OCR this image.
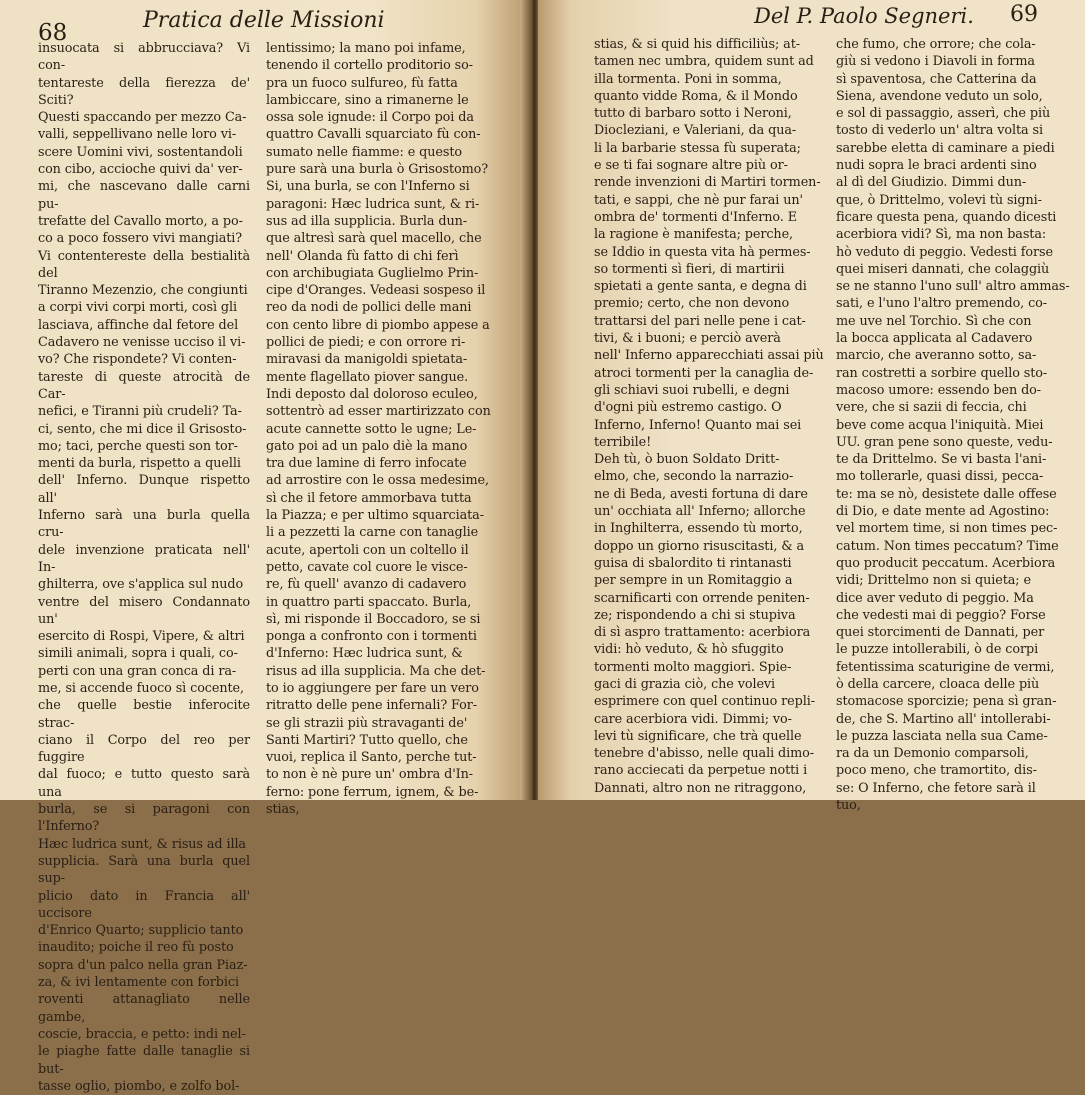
68	Pratica delle Missioni

insuocata si abbrucciava? Vi con-
tentareste della fierezza de' Sciti?
Questi spaccando per mezzo Ca-
valli, seppellivano nelle loro vi-
scere Uomini vivi, sostentandoli
con cibo, accioche quivi da' ver-
mi, che nascevano dalle carni pu-
trefatte del Cavallo morto, a po-
co a poco fossero vivi mangiati?
Vi contentereste della bestialità del
Tiranno Mezenzio, che congiunti
a corpi vivi corpi morti, così gli
lasciava, affinche dal fetore del
Cadavero ne venisse ucciso il vi-
vo? Che rispondete? Vi conten-
tareste di queste atrocità de Car-
nefici, e Tiranni più crudeli? Ta-
ci, sento, che mi dice il Grisosto-
mo; taci, perche questi son tor-
menti da burla, rispetto a quelli
dell' Inferno. Dunque rispetto all'
Inferno sarà una burla quella cru-
dele invenzione praticata nell' In-
ghilterra, ove s'applica sul nudo
ventre del misero Condannato un'
esercito di Rospi, Vipere, & altri
simili animali, sopra i quali, co-
perti con una gran conca di ra-
me, si accende fuoco sì cocente,
che quelle bestie inferocite strac-
ciano il Corpo del reo per fuggire
dal fuoco; e tutto questo sarà una
burla, se si paragoni con l'Inferno?
Hæc ludrica sunt, & risus ad illa
supplicia. Sarà una burla quel sup-
plicio dato in Francia all' uccisore
d'Enrico Quarto; supplicio tanto
inaudito; poiche il reo fù posto
sopra d'un palco nella gran Piaz-
za, & ivi lentamente con forbici
roventi attanagliato nelle gambe,
coscie, braccia, e petto: indi nel-
le piaghe fatte dalle tanaglie si but-
tasse oglio, piombo, e zolfo bol-

lentissimo; la mano poi infame,
tenendo il cortello proditorio so-
pra un fuoco sulfureo, fù fatta
lambiccare, sino a rimanerne le
ossa sole ignude: il Corpo poi da
quattro Cavalli squarciato fù con-
sumato nelle fiamme: e questo
pure sarà una burla ò Grisostomo?
Si, una burla, se con l'Inferno si
paragoni: Hæc ludrica sunt, & ri-
sus ad illa supplicia. Burla dun-
que altresì sarà quel macello, che
nell' Olanda fù fatto di chi ferì
con archibugiata Guglielmo Prin-
cipe d'Oranges. Vedeasi sospeso il
reo da nodi de pollici delle mani
con cento libre di piombo appese a
pollici de piedi; e con orrore ri-
miravasi da manigoldi spietata-
mente flagellato piover sangue.
Indi deposto dal doloroso eculeo,
sottentrò ad esser martirizzato con
acute cannette sotto le ugne; Le-
gato poi ad un palo diè la mano
tra due lamine di ferro infocate
ad arrostire con le ossa medesime,
sì che il fetore ammorbava tutta
la Piazza; e per ultimo squarciata-
li a pezzetti la carne con tanaglie
acute, apertoli con un coltello il
petto, cavate col cuore le visce-
re, fù quell' avanzo di cadavero
in quattro parti spaccato. Burla,
sì, mi risponde il Boccadoro, se si
ponga a confronto con i tormenti
d'Inferno: Hæc ludrica sunt, &
risus ad illa supplicia. Ma che det-
to io aggiungere per fare un vero
ritratto delle pene infernali? For-
se gli strazii più stravaganti de'
Santi Martiri? Tutto quello, che
vuoi, replica il Santo, perche tut-
to non è nè pure un' ombra d'In-
ferno: pone ferrum, ignem, & be-
stias,

Del P. Paolo Segneri. 69

stias, & si quid his difficiliùs; at-
tamen nec umbra, quidem sunt ad
illa tormenta. Poni in somma,
quanto vidde Roma, & il Mondo
tutto di barbaro sotto i Neroni,
Diocleziani, e Valeriani, da qua-
li la barbarie stessa fù superata;
e se ti fai sognare altre più or-
rende invenzioni di Martiri tormen-
tati, e sappi, che nè pur farai un'
ombra de' tormenti d'Inferno. E
la ragione è manifesta; perche,
se Iddio in questa vita hà permes-
so tormenti sì fieri, di martirii
spietati a gente santa, e degna di
premio; certo, che non devono
trattarsi del pari nelle pene i cat-
tivi, & i buoni; e perciò averà
nell' Inferno apparecchiati assai più
atroci tormenti per la canaglia de-
gli schiavi suoi rubelli, e degni
d'ogni più estremo castigo. O
Inferno, Inferno! Quanto mai sei
terribile!
Deh tù, ò buon Soldato Dritt-
elmo, che, secondo la narrazio-
ne di Beda, avesti fortuna di dare
un' occhiata all' Inferno; allorche
in Inghilterra, essendo tù morto,
doppo un giorno risuscitasti, & a
guisa di sbalordito ti rintanasti
per sempre in un Romitaggio a
scarnificarti con orrende peniten-
ze; rispondendo a chi si stupiva
di sì aspro trattamento: acerbiora
vidi: hò veduto, & hò sfuggito
tormenti molto maggiori. Spie-
gaci di grazia ciò, che volevi
esprimere con quel continuo repli-
care acerbiora vidi. Dimmi; vo-
levi tù significare, che trà quelle
tenebre d'abisso, nelle quali dimo-
rano acciecati da perpetue notti i
Dannati, altro non ne ritraggono,

che fumo, che orrore; che cola-
giù si vedono i Diavoli in forma
sì spaventosa, che Catterina da
Siena, avendone veduto un solo,
e sol di passaggio, asserì, che più
tosto di vederlo un' altra volta si
sarebbe eletta di caminare a piedi
nudi sopra le braci ardenti sino
al dì del Giudizio. Dimmi dun-
que, ò Drittelmo, volevi tù signi-
ficare questa pena, quando dicesti
acerbiora vidi? Sì, ma non basta:
hò veduto di peggio. Vedesti forse
quei miseri dannati, che colaggiù
se ne stanno l'uno sull' altro ammas-
sati, e l'uno l'altro premendo, co-
me uve nel Torchio. Sì che con
la bocca applicata al Cadavero
marcio, che averanno sotto, sa-
ran costretti a sorbire quello sto-
macoso umore: essendo ben do-
vere, che si sazii di feccia, chi
beve come acqua l'iniquità. Miei
UU. gran pene sono queste, vedu-
te da Drittelmo. Se vi basta l'ani-
mo tollerarle, quasi dissi, pecca-
te: ma se nò, desistete dalle offese
di Dio, e date mente ad Agostino:
vel mortem time, si non times pec-
catum. Non times peccatum? Time
quo producit peccatum. Acerbiora
vidi; Drittelmo non si quieta; e
dice aver veduto di peggio. Ma
che vedesti mai di peggio? Forse
quei storcimenti de Dannati, per
le puzze intollerabili, ò de corpi
fetentissima scaturigine de vermi,
ò della carcere, cloaca delle più
stomacose sporcizie; pena sì gran-
de, che S. Martino all' intollerabi-
le puzza lasciata nella sua Came-
ra da un Demonio comparsoli,
poco meno, che tramortito, dis-
se: O Inferno, che fetore sarà il
tuo,
